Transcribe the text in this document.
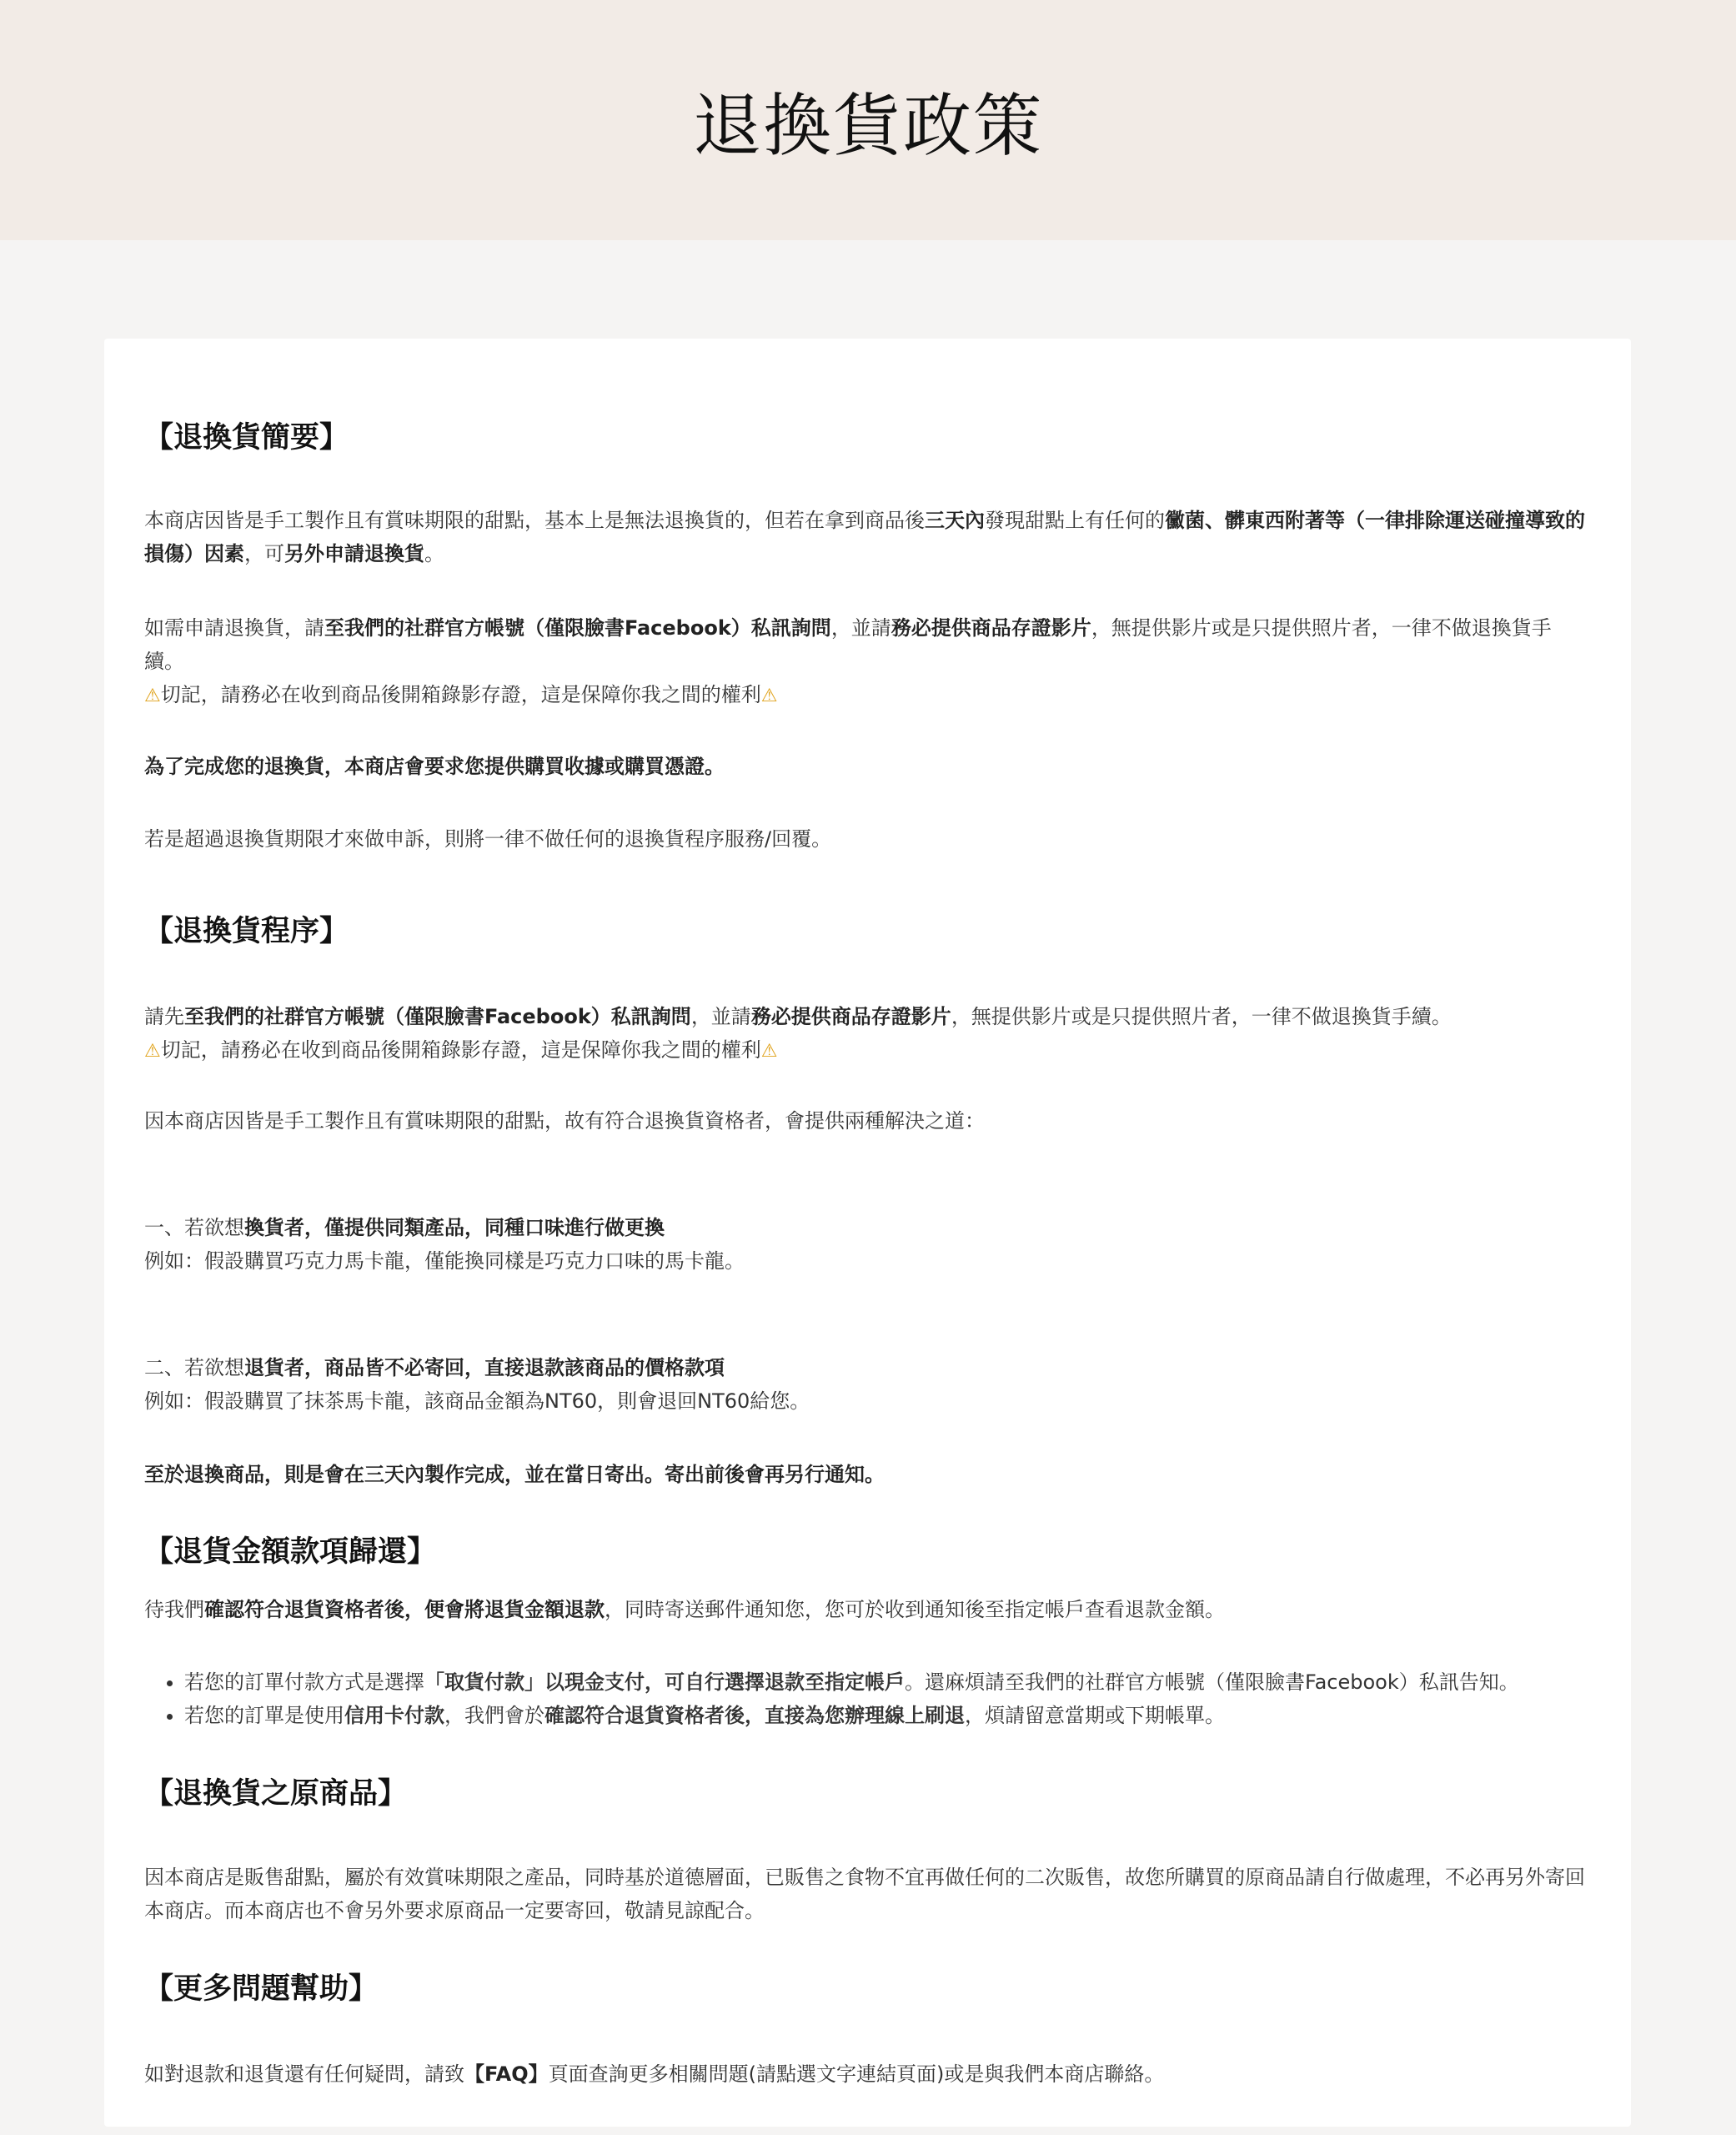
退換貨政策
【退換貨簡要】

本商店因皆是手工製作且有賞味期限的甜點，基本上是無法退換貨的，但若在拿到商品後三天內發現甜點上有任何的黴菌、髒東西附著等（一律排除運送碰撞導致的損傷）因素，可另外申請退換貨。

如需申請退換貨，請至我們的社群官方帳號（僅限臉書Facebook）私訊詢問，並請務必提供商品存證影片，無提供影片或是只提供照片者，一律不做退換貨手續。

⚠切記，請務必在收到商品後開箱錄影存證，這是保障你我之間的權利⚠

為了完成您的退換貨，本商店會要求您提供購買收據或購買憑證。

若是超過退換貨期限才來做申訴，則將一律不做任何的退換貨程序服務/回覆。

【退換貨程序】

請先至我們的社群官方帳號（僅限臉書Facebook）私訊詢問，並請務必提供商品存證影片，無提供影片或是只提供照片者，一律不做退換貨手續。

⚠切記，請務必在收到商品後開箱錄影存證，這是保障你我之間的權利⚠

因本商店因皆是手工製作且有賞味期限的甜點，故有符合退換貨資格者，會提供兩種解決之道：

一、若欲想換貨者，僅提供同類產品，同種口味進行做更換
例如：假設購買巧克力馬卡龍，僅能換同樣是巧克力口味的馬卡龍。

二、若欲想退貨者，商品皆不必寄回，直接退款該商品的價格款項
例如：假設購買了抹茶馬卡龍，該商品金額為NT60，則會退回NT60給您。

至於退換商品，則是會在三天內製作完成，並在當日寄出。寄出前後會再另行通知。

【退貨金額款項歸還】

待我們確認符合退貨資格者後，便會將退貨金額退款，同時寄送郵件通知您，您可於收到通知後至指定帳戶查看退款金額。

• 若您的訂單付款方式是選擇「取貨付款」以現金支付，可自行選擇退款至指定帳戶。還麻煩請至我們的社群官方帳號（僅限臉書Facebook）私訊告知。
• 若您的訂單是使用信用卡付款，我們會於確認符合退貨資格者後，直接為您辦理線上刷退，煩請留意當期或下期帳單。
【退換貨之原商品】

因本商店是販售甜點，屬於有效賞味期限之產品，同時基於道德層面，已販售之食物不宜再做任何的二次販售，故您所購買的原商品請自行做處理，不必再另外寄回本商店。而本商店也不會另外要求原商品一定要寄回，敬請見諒配合。

【更多問題幫助】

如對退款和退貨還有任何疑問，請致【FAQ】頁面查詢更多相關問題(請點選文字連結頁面)或是與我們本商店聯絡。
